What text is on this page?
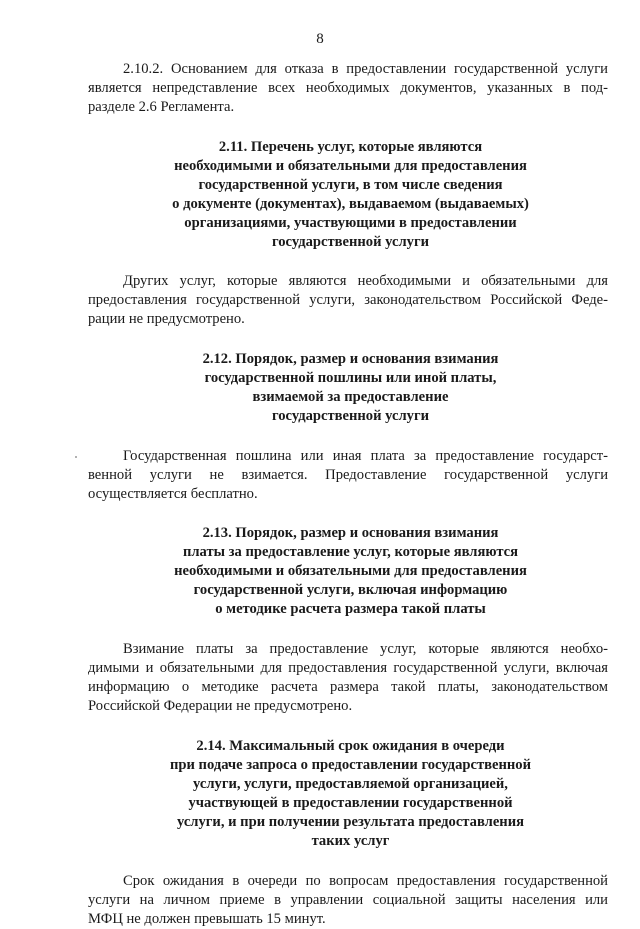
8

2.10.2. Основанием для отказа в предоставлении государственной услуги
является непредставление всех необходимых документов, указанных в под-
разделе 2.6 Регламента.

2.11. Перечень услуг, которые являются
необходимыми и обязательными для предоставления
государственной услуги, в том числе сведения
о документе (документах), выдаваемом (выдаваемых)
организациями, участвующими в предоставлении
государственной услуги

Других услуг, которые являются необходимыми и обязательными для
предоставления государственной услуги, законодательством Российской Феде-
рации не предусмотрено.

2.12. Порядок, размер и основания взимания
государственной пошлины или иной платы,
взимаемой за предоставление
государственной услуги

Государственная пошлина или иная плата за предоставление государст-
венной услуги не взимается. Предоставление государственной услуги
осуществляется бесплатно.

2.13. Порядок, размер и основания взимания
платы за предоставление услуг, которые являются
необходимыми и обязательными для предоставления
государственной услуги, включая информацию
о методике расчета размера такой платы

Взимание платы за предоставление услуг, которые являются необхо-
димыми и обязательными для предоставления государственной услуги, включая
информацию о методике расчета размера такой платы, законодательством
Российской Федерации не предусмотрено.

2.14. Максимальный срок ожидания в очереди
при подаче запроса о предоставлении государственной
услуги, услуги, предоставляемой организацией,
участвующей в предоставлении государственной
услуги, и при получении результата предоставления
таких услуг

Срок ожидания в очереди по вопросам предоставления государственной
услуги на личном приеме в управлении социальной защиты населения или
МФЦ не должен превышать 15 минут.
